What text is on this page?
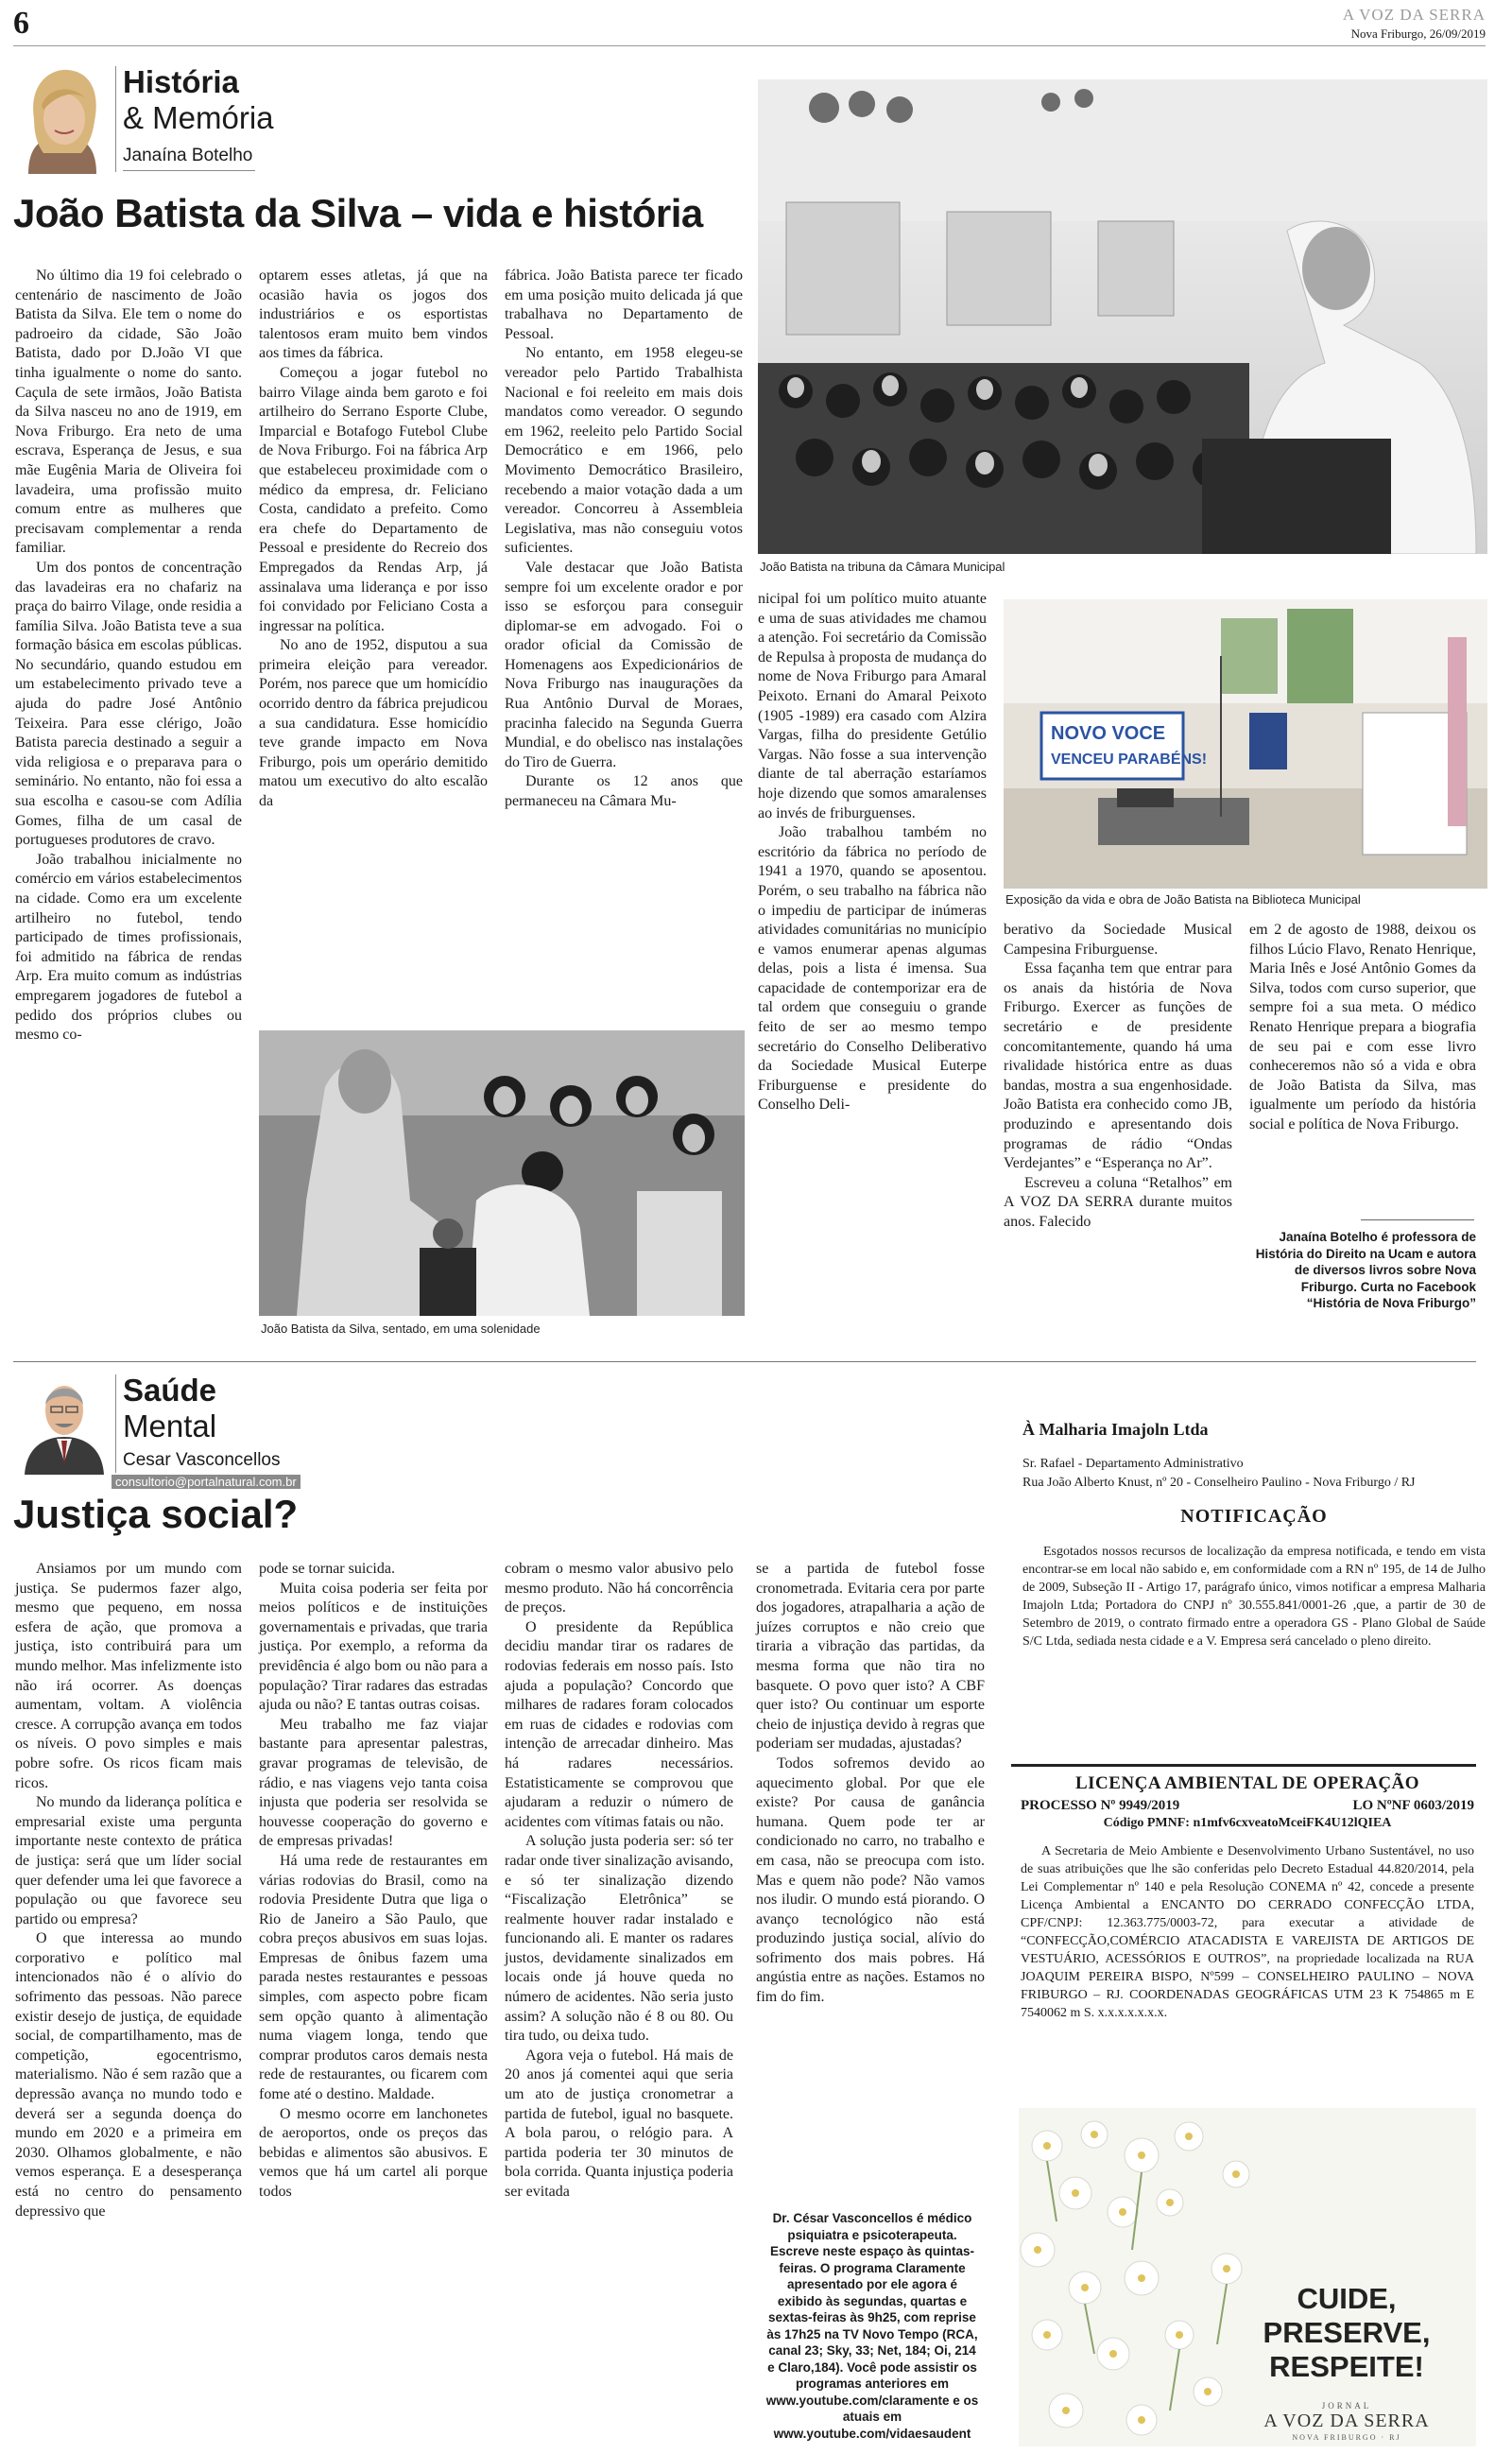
6	A VOZ DA SERRA
Nova Friburgo, 26/09/2019
História
& Memória
Janaína Botelho
João Batista da Silva – vida e história
João Batista na tribuna da Câmara Municipal
NOVO VOCE
VENCEU PARABÉNS!
Exposição da vida e obra de João Batista na Biblioteca Municipal
João Batista da Silva, sentado, em uma solenidade

No último dia 19 foi celebrado o centenário de nascimento de João Batista da Silva. Ele tem o nome do padroeiro da cidade, São João Batista, dado por D.João VI que tinha igualmente o nome do santo. Caçula de sete irmãos, João Batista da Silva nasceu no ano de 1919, em Nova Friburgo. Era neto de uma escrava, Esperança de Jesus, e sua mãe Eugênia Maria de Oliveira foi lavadeira, uma profissão muito comum entre as mulheres que precisavam complementar a renda familiar.

Um dos pontos de concentração das lavadeiras era no chafariz na praça do bairro Vilage, onde residia a família Silva. João Batista teve a sua formação básica em escolas públicas. No secundário, quando estudou em um estabelecimento privado teve a ajuda do padre José Antônio Teixeira. Para esse clérigo, João Batista parecia destinado a seguir a vida religiosa e o preparava para o seminário. No entanto, não foi essa a sua escolha e casou-se com Adília Gomes, filha de um casal de portugueses produtores de cravo.

João trabalhou inicialmente no comércio em vários estabelecimentos na cidade. Como era um excelente artilheiro no futebol, tendo participado de times profissionais, foi admitido na fábrica de rendas Arp. Era muito comum as indústrias empregarem jogadores de futebol a pedido dos próprios clubes ou mesmo co-

optarem esses atletas, já que na ocasião havia os jogos dos industriários e os esportistas talentosos eram muito bem vindos aos times da fábrica.

Começou a jogar futebol no bairro Vilage ainda bem garoto e foi artilheiro do Serrano Esporte Clube, Imparcial e Botafogo Futebol Clube de Nova Friburgo. Foi na fábrica Arp que estabeleceu proximidade com o médico da empresa, dr. Feliciano Costa, candidato a prefeito. Como era chefe do Departamento de Pessoal e presidente do Recreio dos Empregados da Rendas Arp, já assinalava uma liderança e por isso foi convidado por Feliciano Costa a ingressar na política.

No ano de 1952, disputou a sua primeira eleição para vereador. Porém, nos parece que um homicídio ocorrido dentro da fábrica prejudicou a sua candidatura. Esse homicídio teve grande impacto em Nova Friburgo, pois um operário demitido matou um executivo do alto escalão da

fábrica. João Batista parece ter ficado em uma posição muito delicada já que trabalhava no Departamento de Pessoal.

No entanto, em 1958 elegeu-se vereador pelo Partido Trabalhista Nacional e foi reeleito em mais dois mandatos como vereador. O segundo em 1962, reeleito pelo Partido Social Democrático e em 1966, pelo Movimento Democrático Brasileiro, recebendo a maior votação dada a um vereador. Concorreu à Assembleia Legislativa, mas não conseguiu votos suficientes.

Vale destacar que João Batista sempre foi um excelente orador e por isso se esforçou para conseguir diplomar-se em advogado. Foi o orador oficial da Comissão de Homenagens aos Expedicionários de Nova Friburgo nas inaugurações da Rua Antônio Durval de Moraes, pracinha falecido na Segunda Guerra Mundial, e do obelisco nas instalações do Tiro de Guerra.

Durante os 12 anos que permaneceu na Câmara Mu-

nicipal foi um político muito atuante e uma de suas atividades me chamou a atenção. Foi secretário da Comissão de Repulsa à proposta de mudança do nome de Nova Friburgo para Amaral Peixoto. Ernani do Amaral Peixoto (1905 -1989) era casado com Alzira Vargas, filha do presidente Getúlio Vargas. Não fosse a sua intervenção diante de tal aberração estaríamos hoje dizendo que somos amaralenses ao invés de friburguenses.

João trabalhou também no escritório da fábrica no período de 1941 a 1970, quando se aposentou. Porém, o seu trabalho na fábrica não o impediu de participar de inúmeras atividades comunitárias no município e vamos enumerar apenas algumas delas, pois a lista é imensa. Sua capacidade de contemporizar era de tal ordem que conseguiu o grande feito de ser ao mesmo tempo secretário do Conselho Deliberativo da Sociedade Musical Euterpe Friburguense e presidente do Conselho Deli-

berativo da Sociedade Musical Campesina Friburguense.

Essa façanha tem que entrar para os anais da história de Nova Friburgo. Exercer as funções de secretário e de presidente concomitantemente, quando há uma rivalidade histórica entre as duas bandas, mostra a sua engenhosidade. João Batista era conhecido como JB, produzindo e apresentando dois programas de rádio “Ondas Verdejantes” e “Esperança no Ar”.

Escreveu a coluna “Retalhos” em A VOZ DA SERRA durante muitos anos. Falecido

em 2 de agosto de 1988, deixou os filhos Lúcio Flavo, Renato Henrique, Maria Inês e José Antônio Gomes da Silva, todos com curso superior, que sempre foi a sua meta. O médico Renato Henrique prepara a biografia de seu pai e com esse livro conheceremos não só a vida e obra de João Batista da Silva, mas igualmente um período da história social e política de Nova Friburgo.

Janaína Botelho é professora de História do Direito na Ucam e autora de diversos livros sobre Nova Friburgo. Curta no Facebook “História de Nova Friburgo”
Saúde
Mental
Cesar Vasconcellos
consultorio@portalnatural.com.br
Justiça social?

Ansiamos por um mundo com justiça. Se pudermos fazer algo, mesmo que pequeno, em nossa esfera de ação, que promova a justiça, isto contribuirá para um mundo melhor. Mas infelizmente isto não irá ocorrer. As doenças aumentam, voltam. A violência cresce. A corrupção avança em todos os níveis. O povo simples e mais pobre sofre. Os ricos ficam mais ricos.

No mundo da liderança política e empresarial existe uma pergunta importante neste contexto de prática de justiça: será que um líder social quer defender uma lei que favorece a população ou que favorece seu partido ou empresa?

O que interessa ao mundo corporativo e político mal intencionados não é o alívio do sofrimento das pessoas. Não parece existir desejo de justiça, de equidade social, de compartilhamento, mas de competição, egocentrismo, materialismo. Não é sem razão que a depressão avança no mundo todo e deverá ser a segunda doença do mundo em 2020 e a primeira em 2030. Olhamos globalmente, e não vemos esperança. E a desesperança está no centro do pensamento depressivo que

pode se tornar suicida.

Muita coisa poderia ser feita por meios políticos e de instituições governamentais e privadas, que traria justiça. Por exemplo, a reforma da previdência é algo bom ou não para a população? Tirar radares das estradas ajuda ou não? E tantas outras coisas.

Meu trabalho me faz viajar bastante para apresentar palestras, gravar programas de televisão, de rádio, e nas viagens vejo tanta coisa injusta que poderia ser resolvida se houvesse cooperação do governo e de empresas privadas!

Há uma rede de restaurantes em várias rodovias do Brasil, como na rodovia Presidente Dutra que liga o Rio de Janeiro a São Paulo, que cobra preços abusivos em suas lojas. Empresas de ônibus fazem uma parada nestes restaurantes e pessoas simples, com aspecto pobre ficam sem opção quanto à alimentação numa viagem longa, tendo que comprar produtos caros demais nesta rede de restaurantes, ou ficarem com fome até o destino. Maldade.

O mesmo ocorre em lanchonetes de aeroportos, onde os preços das bebidas e alimentos são abusivos. E vemos que há um cartel ali porque todos

cobram o mesmo valor abusivo pelo mesmo produto. Não há concorrência de preços.

O presidente da República decidiu mandar tirar os radares de rodovias federais em nosso país. Isto ajuda a população? Concordo que milhares de radares foram colocados em ruas de cidades e rodovias com intenção de arrecadar dinheiro. Mas há radares necessários. Estatisticamente se comprovou que ajudaram a reduzir o número de acidentes com vítimas fatais ou não.

A solução justa poderia ser: só ter radar onde tiver sinalização avisando, e só ter sinalização dizendo “Fiscalização Eletrônica” se realmente houver radar instalado e funcionando ali. E manter os radares justos, devidamente sinalizados em locais onde já houve queda no número de acidentes. Não seria justo assim? A solução não é 8 ou 80. Ou tira tudo, ou deixa tudo.

Agora veja o futebol. Há mais de 20 anos já comentei aqui que seria um ato de justiça cronometrar a partida de futebol, igual no basquete. A bola parou, o relógio para. A partida poderia ter 30 minutos de bola corrida. Quanta injustiça poderia ser evitada

se a partida de futebol fosse cronometrada. Evitaria cera por parte dos jogadores, atrapalharia a ação de juízes corruptos e não creio que tiraria a vibração das partidas, da mesma forma que não tira no basquete. O povo quer isto? A CBF quer isto? Ou continuar um esporte cheio de injustiça devido à regras que poderiam ser mudadas, ajustadas?

Todos sofremos devido ao aquecimento global. Por que ele existe? Por causa de ganância humana. Quem pode ter ar condicionado no carro, no trabalho e em casa, não se preocupa com isto. Mas e quem não pode? Não vamos nos iludir. O mundo está piorando. O avanço tecnológico não está produzindo justiça social, alívio do sofrimento dos mais pobres. Há angústia entre as nações. Estamos no fim do fim.

Dr. César Vasconcellos é médico psiquiatra e psicoterapeuta. Escreve neste espaço às quintas-feiras. O programa Claramente apresentado por ele agora é exibido às segundas, quartas e sextas-feiras às 9h25, com reprise às 17h25 na TV Novo Tempo (RCA, canal 23; Sky, 33; Net, 184; Oi, 214 e Claro,184). Você pode assistir os programas anteriores em www.youtube.com/claramente e os atuais em www.youtube.com/vidaesaudent

À Malharia Imajoln Ltda

Sr. Rafael - Departamento Administrativo

Rua João Alberto Knust, nº 20 - Conselheiro Paulino - Nova Friburgo / RJ

NOTIFICAÇÃO

Esgotados nossos recursos de localização da empresa notificada, e tendo em vista encontrar-se em local não sabido e, em conformidade com a RN nº 195, de 14 de Julho de 2009, Subseção II - Artigo 17, parágrafo único, vimos notificar a empresa Malharia Imajoln Ltda; Portadora do CNPJ nº 30.555.841/0001-26 ,que, a partir de 30 de Setembro de 2019, o contrato firmado entre a operadora GS - Plano Global de Saúde S/C Ltda, sediada nesta cidade e a V. Empresa será cancelado o pleno direito.

LICENÇA AMBIENTAL DE OPERAÇÃO

PROCESSO Nº 9949/2019	LO NºNF 0603/2019

Código PMNF: n1mfv6cxveatoMceiFK4U12lQIEA

A Secretaria de Meio Ambiente e Desenvolvimento Urbano Sustentável, no uso de suas atribuições que lhe são conferidas pelo Decreto Estadual 44.820/2014, pela Lei Complementar nº 140 e pela Resolução CONEMA nº 42, concede a presente Licença Ambiental a ENCANTO DO CERRADO CONFECÇÃO LTDA, CPF/CNPJ: 12.363.775/0003-72, para executar a atividade de “CONFECÇÃO,COMÉRCIO ATACADISTA E VAREJISTA DE ARTIGOS DE VESTUÁRIO, ACESSÓRIOS E OUTROS”, na propriedade localizada na RUA JOAQUIM PEREIRA BISPO, Nº599 – CONSELHEIRO PAULINO – NOVA FRIBURGO – RJ. COORDENADAS GEOGRÁFICAS UTM 23 K 754865 m E 7540062 m S. x.x.x.x.x.x.x.

CUIDE,
PRESERVE,
RESPEITE!
JORNAL
A VOZ DA SERRA
NOVA FRIBURGO · RJ
